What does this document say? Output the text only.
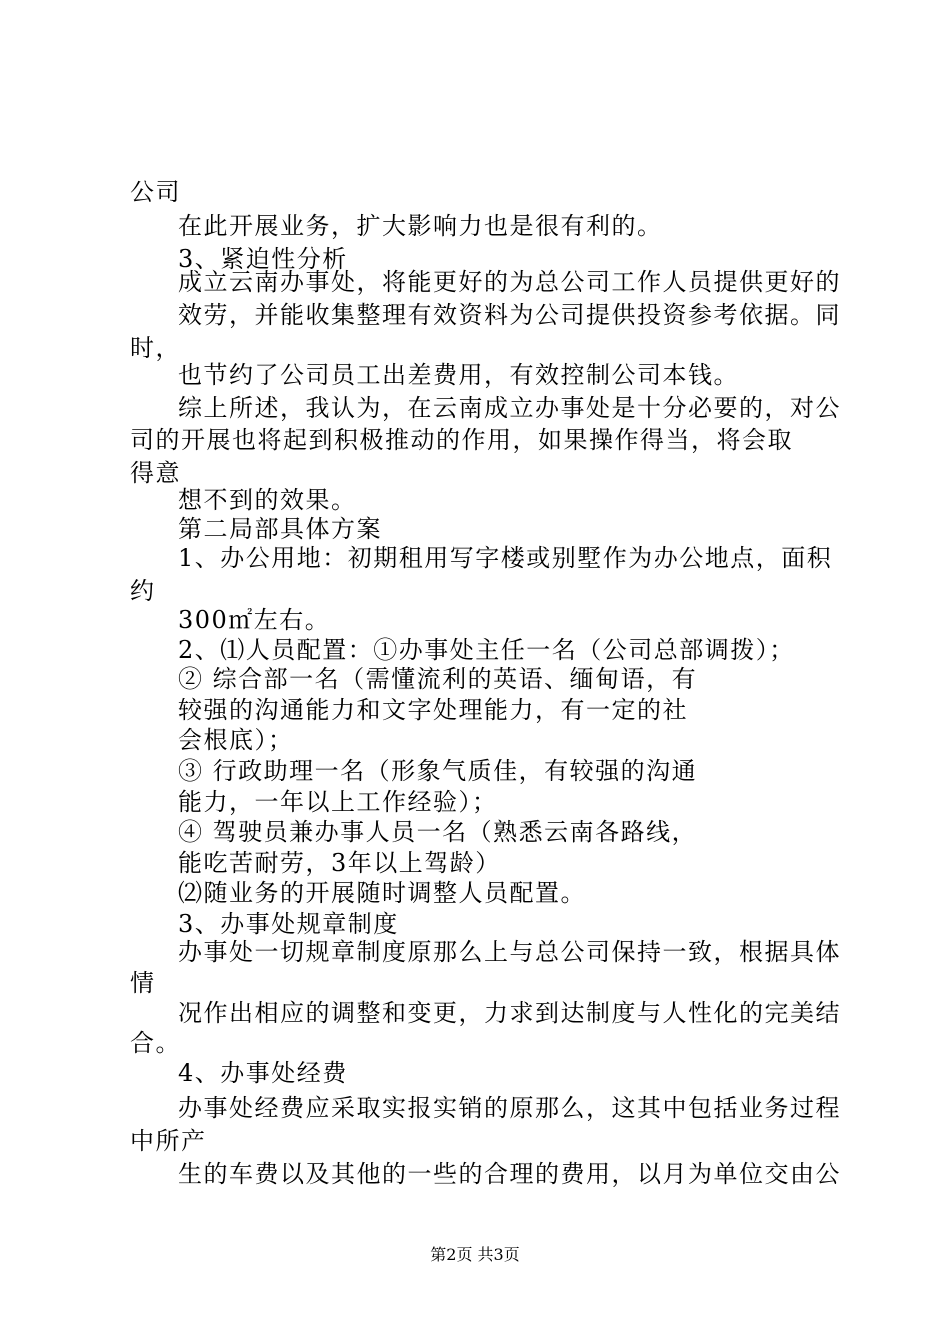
公司
在此开展业务，扩大影响力也是很有利的。
3、紧迫性分析
成立云南办事处，将能更好的为总公司工作人员提供更好的
效劳，并能收集整理有效资料为公司提供投资参考依据。同
时，
也节约了公司员工出差费用，有效控制公司本钱。
综上所述，我认为，在云南成立办事处是十分必要的，对公
司的开展也将起到积极推动的作用，如果操作得当，将会取
得意
想不到的效果。
第二局部具体方案
1、办公用地：初期租用写字楼或别墅作为办公地点，面积
约
300㎡左右。
2、⑴人员配置：①办事处主任一名（公司总部调拨）；
② 综合部一名（需懂流利的英语、缅甸语，有
较强的沟通能力和文字处理能力，有一定的社
会根底）；
③ 行政助理一名（形象气质佳，有较强的沟通
能力，一年以上工作经验）；
④ 驾驶员兼办事人员一名（熟悉云南各路线，
能吃苦耐劳，3年以上驾龄）
⑵随业务的开展随时调整人员配置。
3、办事处规章制度
办事处一切规章制度原那么上与总公司保持一致，根据具体
情
况作出相应的调整和变更，力求到达制度与人性化的完美结
合。
4、办事处经费
办事处经费应采取实报实销的原那么，这其中包括业务过程
中所产
生的车费以及其他的一些的合理的费用，以月为单位交由公
第2页 共3页
